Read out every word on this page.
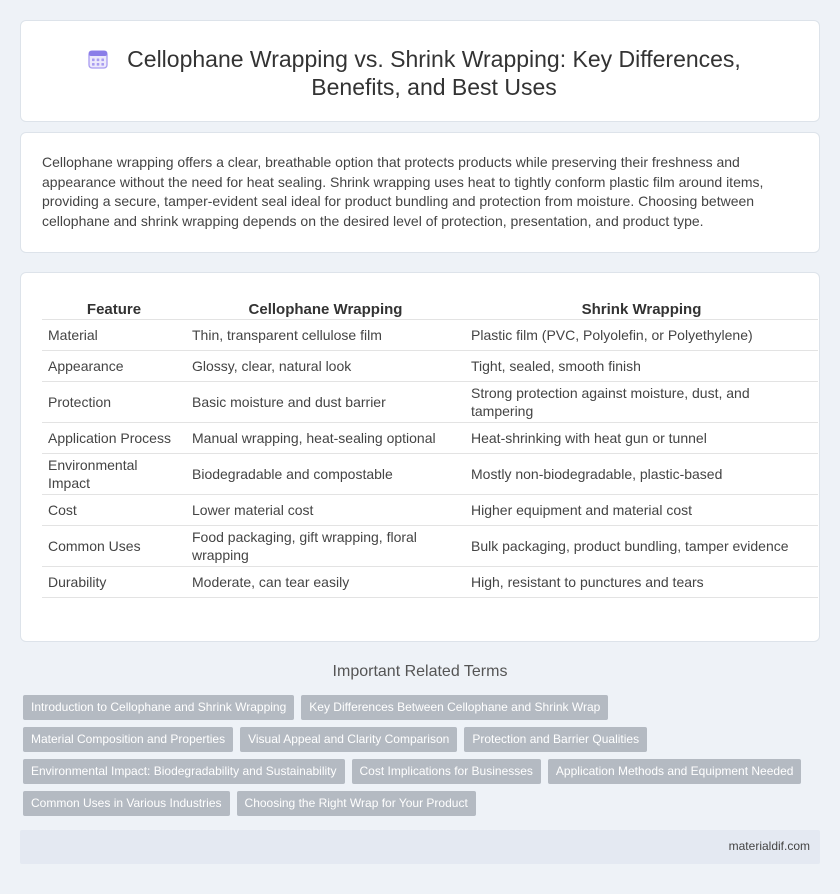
Cellophane Wrapping vs. Shrink Wrapping: Key Differences,
Benefits, and Best Uses

Cellophane wrapping offers a clear, breathable option that protects products while preserving their freshness and appearance without the need for heat sealing. Shrink wrapping uses heat to tightly conform plastic film around items, providing a secure, tamper-evident seal ideal for product bundling and protection from moisture. Choosing between cellophane and shrink wrapping depends on the desired level of protection, presentation, and product type.

Feature	Cellophane Wrapping	Shrink Wrapping
Material	Thin, transparent cellulose film	Plastic film (PVC, Polyolefin, or Polyethylene)
Appearance	Glossy, clear, natural look	Tight, sealed, smooth finish
Protection	Basic moisture and dust barrier	Strong protection against moisture, dust, and tampering
Application Process	Manual wrapping, heat-sealing optional	Heat-shrinking with heat gun or tunnel
Environmental Impact	Biodegradable and compostable	Mostly non-biodegradable, plastic-based
Cost	Lower material cost	Higher equipment and material cost
Common Uses	Food packaging, gift wrapping, floral wrapping	Bulk packaging, product bundling, tamper evidence
Durability	Moderate, can tear easily	High, resistant to punctures and tears
Important Related Terms
Introduction to Cellophane and Shrink Wrapping	Key Differences Between Cellophane and Shrink Wrap
Material Composition and Properties	Visual Appeal and Clarity Comparison	Protection and Barrier Qualities
Environmental Impact: Biodegradability and Sustainability	Cost Implications for Businesses	Application Methods and Equipment Needed
Common Uses in Various Industries	Choosing the Right Wrap for Your Product
materialdif.com
